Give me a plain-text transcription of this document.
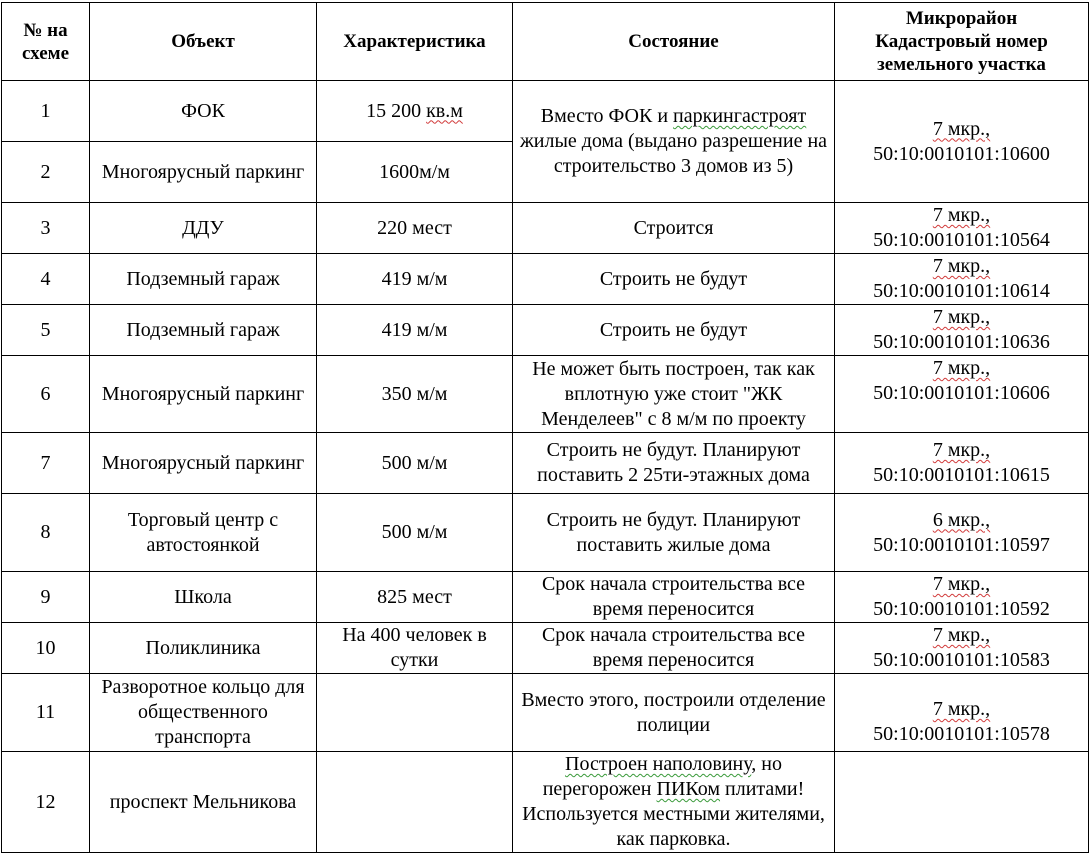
№ на схеме	Объект	Характеристика	Состояние	Микрорайон
Кадастровый номер земельного участка
1	ФОК	15 200 кв.м	Вместо ФОК и паркингастроят жилые дома (выдано разрешение на строительство 3 домов из 5)	7 мкр.,
50:10:0010101:10600
2	Многоярусный паркинг	1600м/м		
3	ДДУ	220 мест	Строится	7 мкр.,
50:10:0010101:10564
4	Подземный гараж	419 м/м	Строить не будут	7 мкр.,
50:10:0010101:10614
5	Подземный гараж	419 м/м	Строить не будут	7 мкр.,
50:10:0010101:10636
6	Многоярусный паркинг	350 м/м	Не может быть построен, так как вплотную уже стоит "ЖК Менделеев" с 8 м/м по проекту	7 мкр.,
50:10:0010101:10606
7	Многоярусный паркинг	500 м/м	Строить не будут. Планируют поставить 2 25ти-этажных дома	7 мкр.,
50:10:0010101:10615
8	Торговый центр с автостоянкой	500 м/м	Строить не будут. Планируют поставить жилые дома	6 мкр.,
50:10:0010101:10597
9	Школа	825 мест	Срок начала строительства все время переносится	7 мкр.,
50:10:0010101:10592
10	Поликлиника	На 400 человек в сутки	Срок начала строительства все время переносится	7 мкр.,
50:10:0010101:10583
11	Разворотное кольцо для общественного транспорта		Вместо этого, построили отделение полиции	7 мкр.,
50:10:0010101:10578
12	проспект Мельникова		Построен наполовину, но перегорожен ПИКом плитами! Используется местными жителями, как парковка.	
